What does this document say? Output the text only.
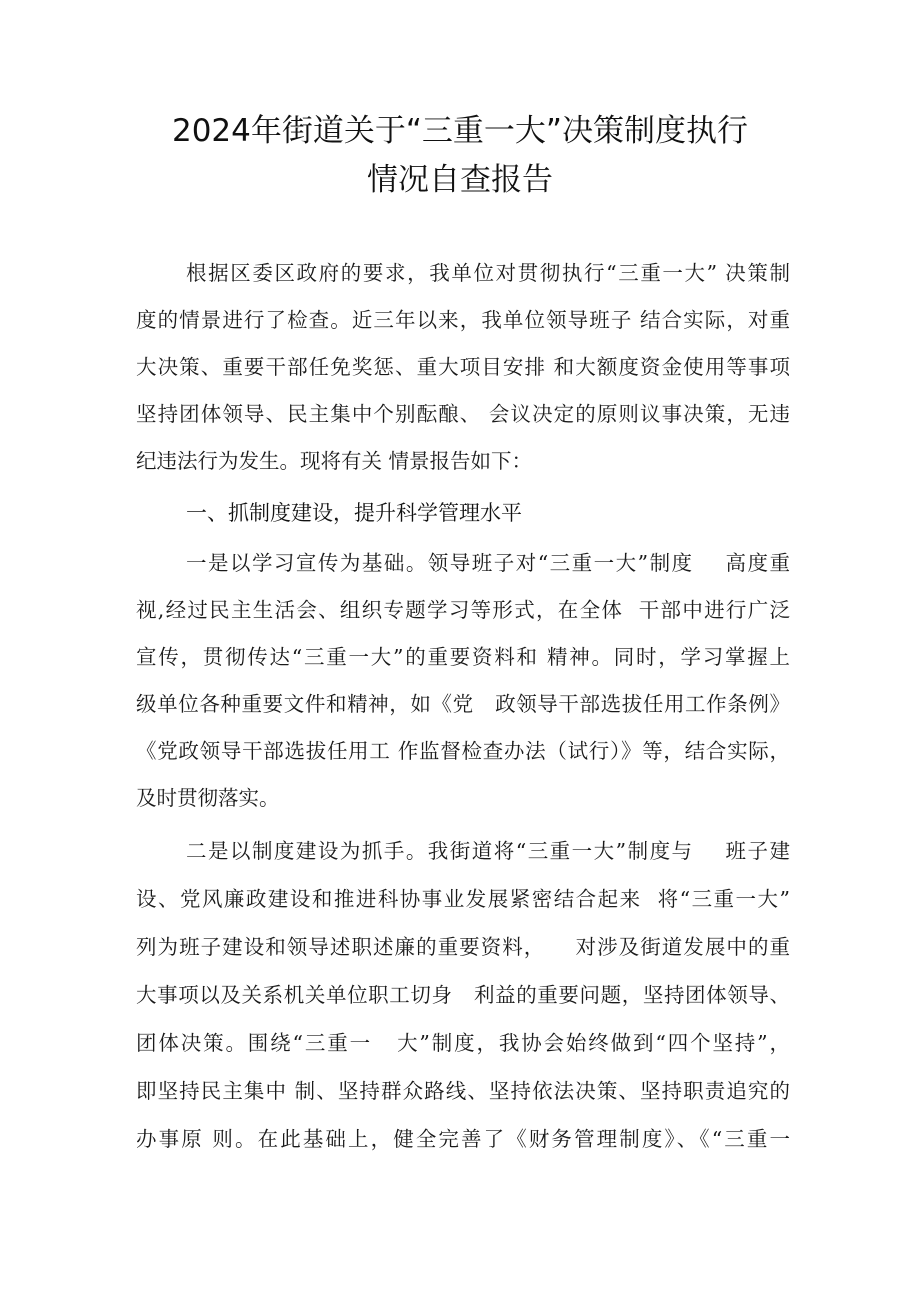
2024年街道关于“三重一大”决策制度执行
情况自查报告
根据区委区政府的要求，我单位对贯彻执行“三重一大” 决策制
度的情景进行了检查。近三年以来，我单位领导班子 结合实际，对重
大决策、重要干部任免奖惩、重大项目安排 和大额度资金使用等事项
坚持团体领导、民主集中个别酝酿、 会议决定的原则议事决策，无违
纪违法行为发生。现将有关 情景报告如下：
一、抓制度建设，提升科学管理水平
一是以学习宣传为基础。领导班子对“三重一大”制度    高度重
视,经过民主生活会、组织专题学习等形式，在全体  干部中进行广泛
宣传，贯彻传达“三重一大”的重要资料和 精神。同时，学习掌握上
级单位各种重要文件和精神，如《党   政领导干部选拔任用工作条例》
《党政领导干部选拔任用工 作监督检查办法（试行）》等，结合实际，
及时贯彻落实。
二是以制度建设为抓手。我街道将“三重一大”制度与    班子建
设、党风廉政建设和推进科协事业发展紧密结合起来  将“三重一大”
列为班子建设和领导述职述廉的重要资料，    对涉及街道发展中的重
大事项以及关系机关单位职工切身   利益的重要问题，坚持团体领导、
团体决策。围绕“三重一   大”制度，我协会始终做到“四个坚持”，
即坚持民主集中 制、坚持群众路线、坚持依法决策、坚持职责追究的
办事原 则。在此基础上，健全完善了《财务管理制度》、《“三重一
